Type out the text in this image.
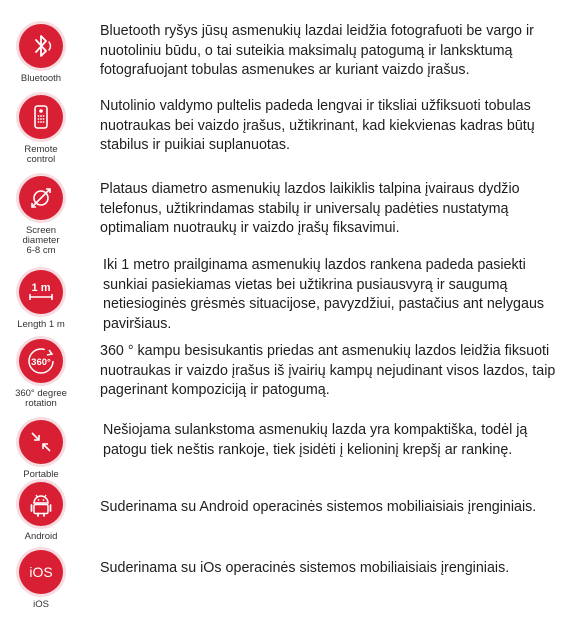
Bluetooth
Bluetooth ryšys jūsų asmenukių lazdai leidžia fotografuoti be vargo ir
nuotoliniu būdu, o tai suteikia maksimalų patogumą ir lanksktumą
fotografuojant tobulas asmenukes ar kuriant vaizdo įrašus.
Remote
control
Nutolinio valdymo pultelis padeda lengvai ir tiksliai užfiksuoti tobulas
nuotraukas bei vaizdo įrašus, užtikrinant, kad kiekvienas kadras būtų
stabilus ir puikiai suplanuotas.
Screen
diameter
6-8 cm
Plataus diametro asmenukių lazdos laikiklis talpina įvairaus dydžio
telefonus, užtikrindamas stabilų ir universalų padėties nustatymą
optimaliam nuotraukų ir vaizdo įrašų fiksavimui.
1 m
Length 1 m
Iki 1 metro prailginama asmenukių lazdos rankena padeda pasiekti
sunkiai pasiekiamas vietas bei užtikrina pusiausvyrą ir saugumą
netiesioginės grėsmės situacijose, pavyzdžiui, pastačius ant nelygaus
paviršiaus.
360°
360° degree
rotation
360 ° kampu besisukantis priedas ant asmenukių lazdos leidžia fiksuoti
nuotraukas ir vaizdo įrašus iš įvairių kampų nejudinant visos lazdos, taip
pagerinant kompoziciją ir patogumą.
Portable
Nešiojama sulankstoma asmenukių lazda yra kompaktiška, todėl ją
patogu tiek neštis rankoje, tiek įsidėti į kelioninį krepšį ar rankinę.
Android
Suderinama su Android operacinės sistemos mobiliaisiais įrenginiais.
iOS
iOS
Suderinama su iOs operacinės sistemos mobiliaisiais įrenginiais.
